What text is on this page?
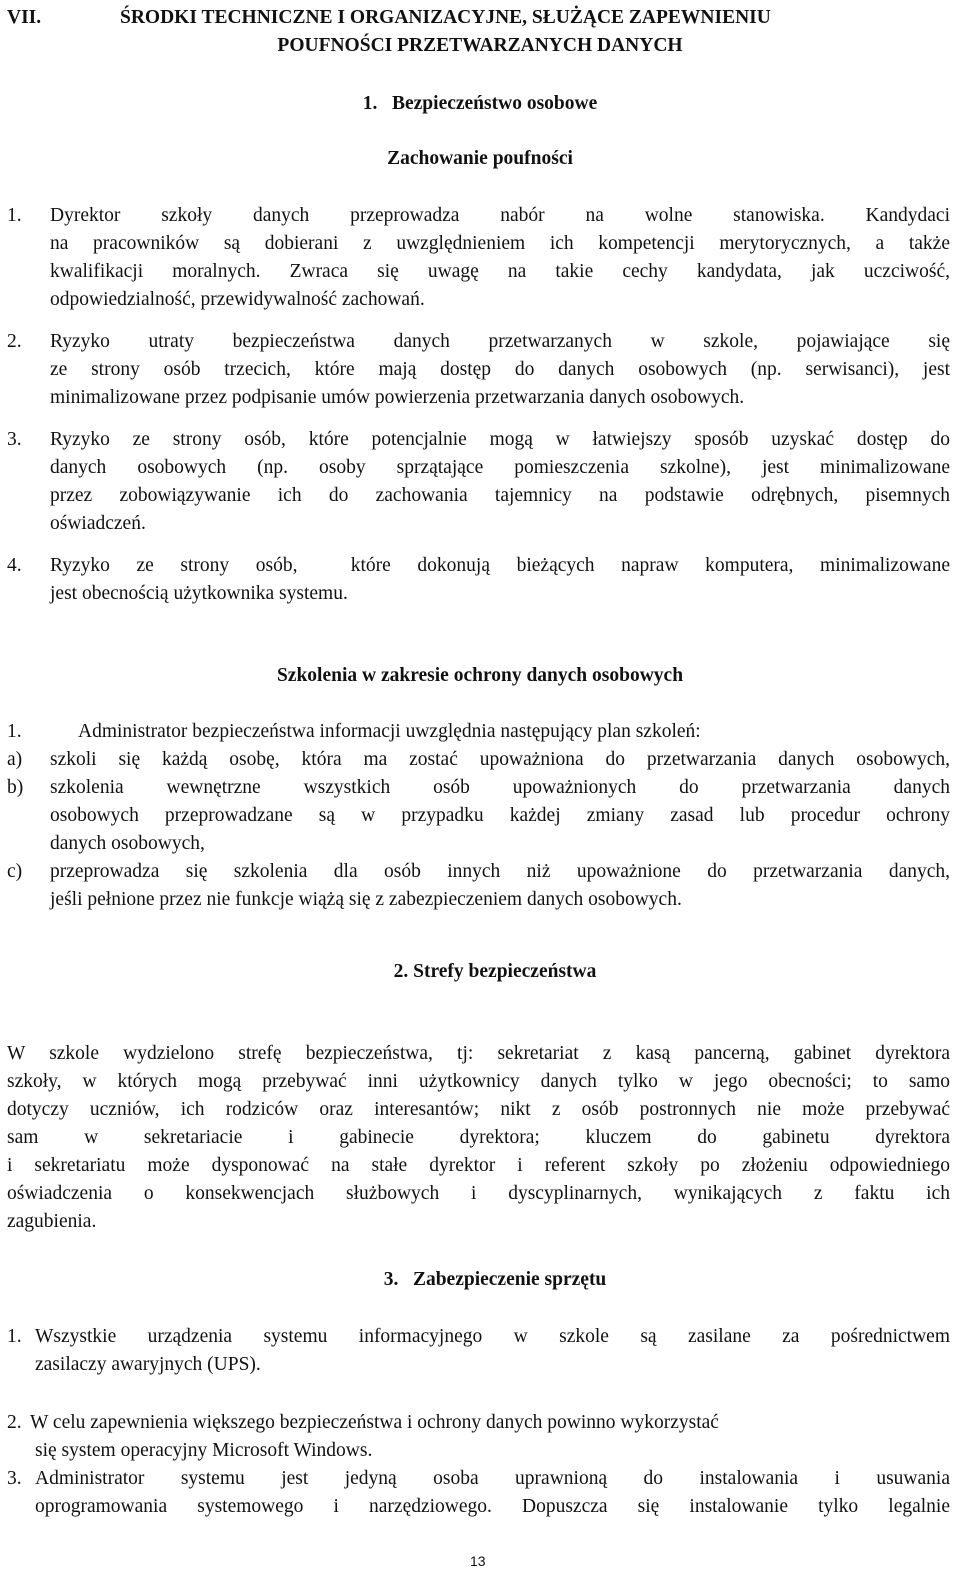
VII.	ŚRODKI TECHNICZNE I ORGANIZACYJNE, SŁUŻĄCE ZAPEWNIENIU
POUFNOŚCI PRZETWARZANYCH DANYCH
1.   Bezpieczeństwo osobowe
Zachowanie poufności
1. Dyrektor szkoły danych przeprowadza nabór na wolne stanowiska. Kandydaci
na pracowników są dobierani z uwzględnieniem ich kompetencji merytorycznych, a także
kwalifikacji moralnych. Zwraca się uwagę na takie cechy kandydata, jak uczciwość,
odpowiedzialność, przewidywalność zachowań.
2. Ryzyko utraty bezpieczeństwa danych przetwarzanych w szkole, pojawiające się
ze strony osób trzecich, które mają dostęp do danych osobowych (np. serwisanci), jest
minimalizowane przez podpisanie umów powierzenia przetwarzania danych osobowych.
3. Ryzyko ze strony osób, które potencjalnie mogą w łatwiejszy sposób uzyskać dostęp do
danych osobowych (np. osoby sprzątające pomieszczenia szkolne), jest minimalizowane
przez zobowiązywanie ich do zachowania tajemnicy na podstawie odrębnych, pisemnych
oświadczeń.
4. Ryzyko ze strony osób,  które dokonują bieżących napraw komputera, minimalizowane
jest obecnością użytkownika systemu.
Szkolenia w zakresie ochrony danych osobowych
1.	Administrator bezpieczeństwa informacji uwzględnia następujący plan szkoleń:
a) szkoli się każdą osobę, która ma zostać upoważniona do przetwarzania danych osobowych,
b) szkolenia wewnętrzne wszystkich osób upoważnionych do przetwarzania danych
osobowych przeprowadzane są w przypadku każdej zmiany zasad lub procedur ochrony
danych osobowych,
c) przeprowadza się szkolenia dla osób innych niż upoważnione do przetwarzania danych,
jeśli pełnione przez nie funkcje wiążą się z zabezpieczeniem danych osobowych.
2. Strefy bezpieczeństwa
W szkole wydzielono strefę bezpieczeństwa, tj: sekretariat z kasą pancerną, gabinet dyrektora
szkoły, w których mogą przebywać inni użytkownicy danych tylko w jego obecności; to samo
dotyczy uczniów, ich rodziców oraz interesantów; nikt z osób postronnych nie może przebywać
sam w sekretariacie i gabinecie dyrektora; kluczem do gabinetu dyrektora
i sekretariatu może dysponować na stałe dyrektor i referent szkoły po złożeniu odpowiedniego
oświadczenia o konsekwencjach służbowych i dyscyplinarnych, wynikających z faktu ich
zagubienia.
3.   Zabezpieczenie sprzętu
1. Wszystkie urządzenia systemu informacyjnego w szkole są zasilane za pośrednictwem
zasilaczy awaryjnych (UPS).
2. W celu zapewnienia większego bezpieczeństwa i ochrony danych powinno wykorzystać
się system operacyjny Microsoft Windows.
3. Administrator systemu jest jedyną osoba uprawnioną do instalowania i usuwania
oprogramowania systemowego i narzędziowego. Dopuszcza się instalowanie tylko legalnie
13
